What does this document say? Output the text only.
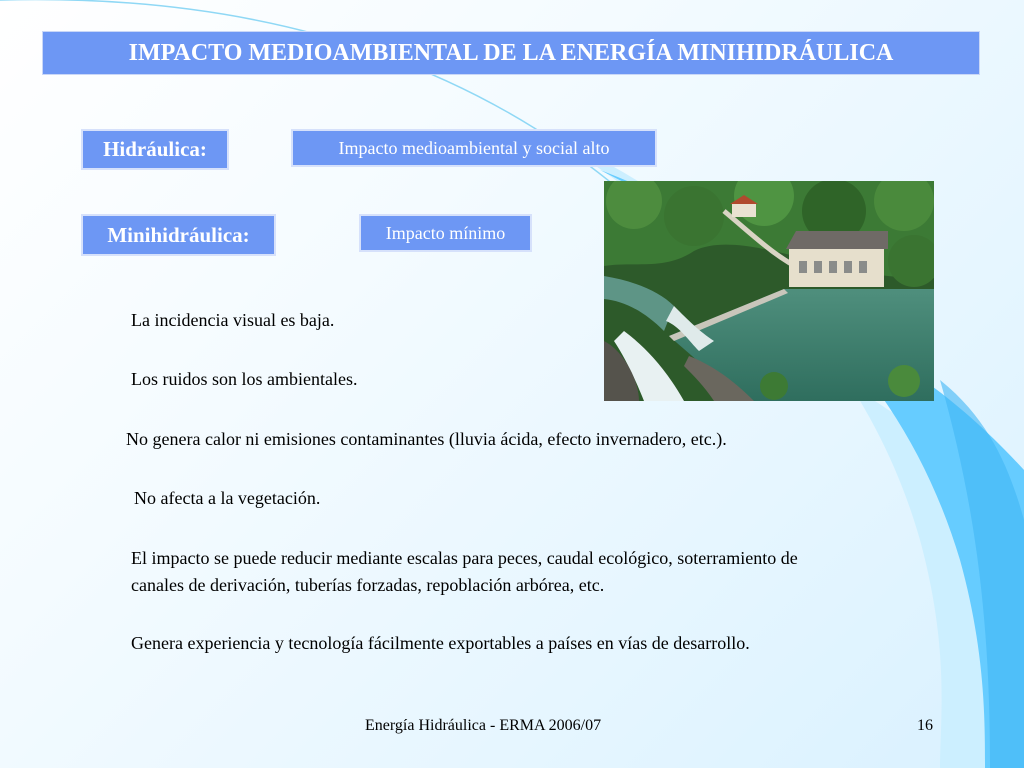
IMPACTO MEDIOAMBIENTAL DE LA ENERGÍA MINIHIDRÁULICA
Hidráulica:	Impacto medioambiental y social alto
Minihidráulica:	Impacto mínimo
La incidencia visual es baja.
Los ruidos son los ambientales.
No genera calor ni emisiones contaminantes (lluvia ácida, efecto invernadero, etc.).
No afecta a la vegetación.
El impacto se puede reducir mediante escalas para peces, caudal ecológico, soterramiento de
canales de derivación, tuberías forzadas, repoblación arbórea, etc.
Genera experiencia y tecnología fácilmente exportables a países en vías de desarrollo.
Energía Hidráulica - ERMA 2006/07	16
